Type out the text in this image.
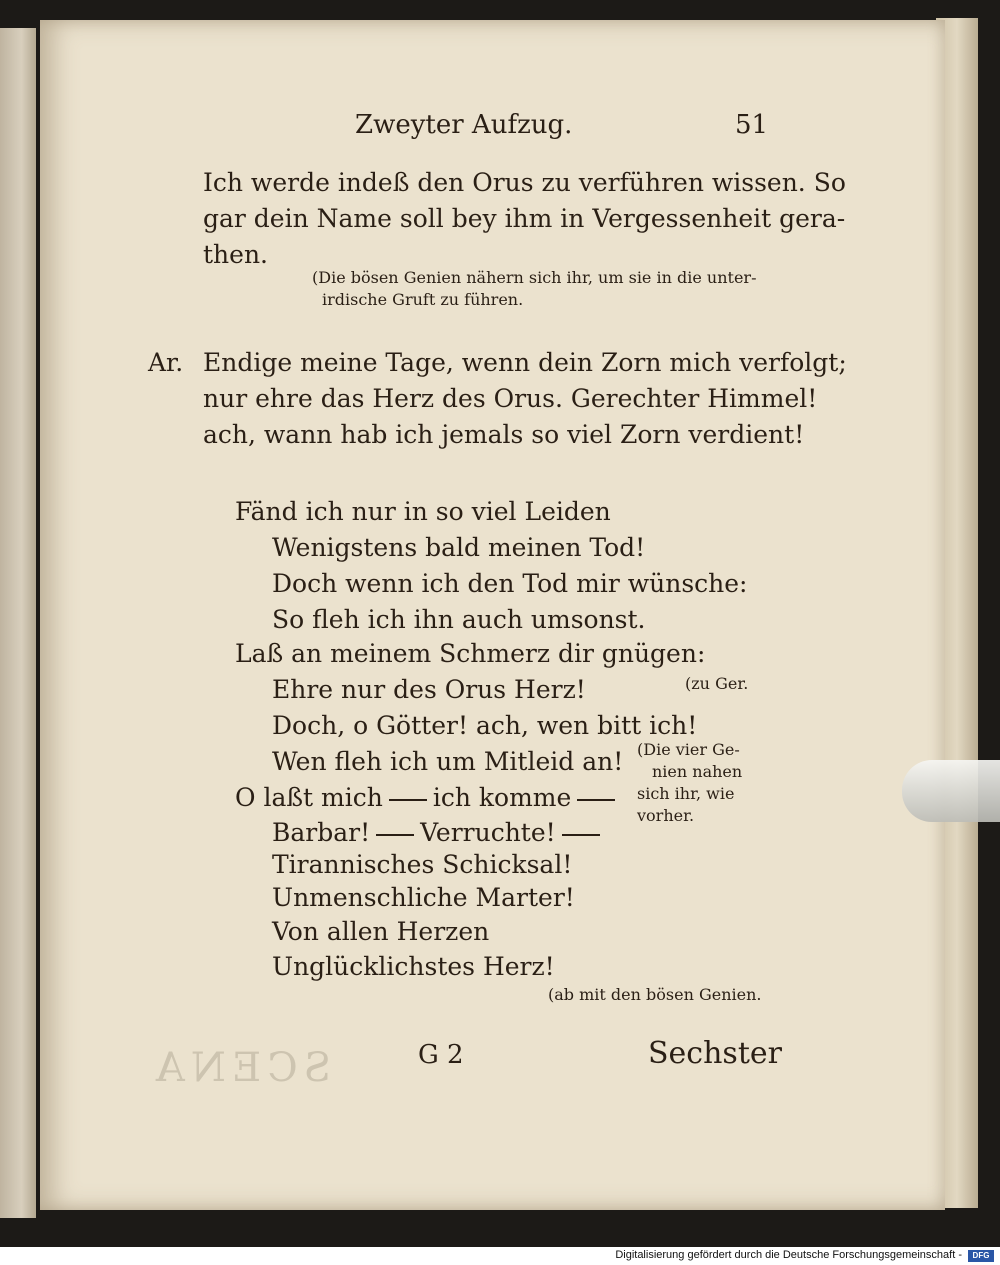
SCENA
Zweyter Aufzug.	51
Ich werde indeß den Orus zu verführen wissen. So
gar dein Name soll bey ihm in Vergessenheit gera-
then.
(Die bösen Genien nähern sich ihr, um sie in die unter-
irdische Gruft zu führen.
Ar. Endige meine Tage, wenn dein Zorn mich verfolgt;
nur ehre das Herz des Orus. Gerechter Himmel!
ach, wann hab ich jemals so viel Zorn verdient!
Fänd ich nur in so viel Leiden
Wenigstens bald meinen Tod!
Doch wenn ich den Tod mir wünsche:
So fleh ich ihn auch umsonst.
Laß an meinem Schmerz dir gnügen:
Ehre nur des Orus Herz!	(zu Ger.
Doch, o Götter! ach, wen bitt ich!
Wen fleh ich um Mitleid an! (Die vier Ge-
nien nahen
sich ihr, wie
vorher.
O laßt mich ich komme
Barbar! Verruchte!
Tirannisches Schicksal!
Unmenschliche Marter!
Von allen Herzen
Unglücklichstes Herz!
(ab mit den bösen Genien.
G 2	Sechster
Digitalisierung gefördert durch die Deutsche Forschungsgemeinschaft -	DFG
